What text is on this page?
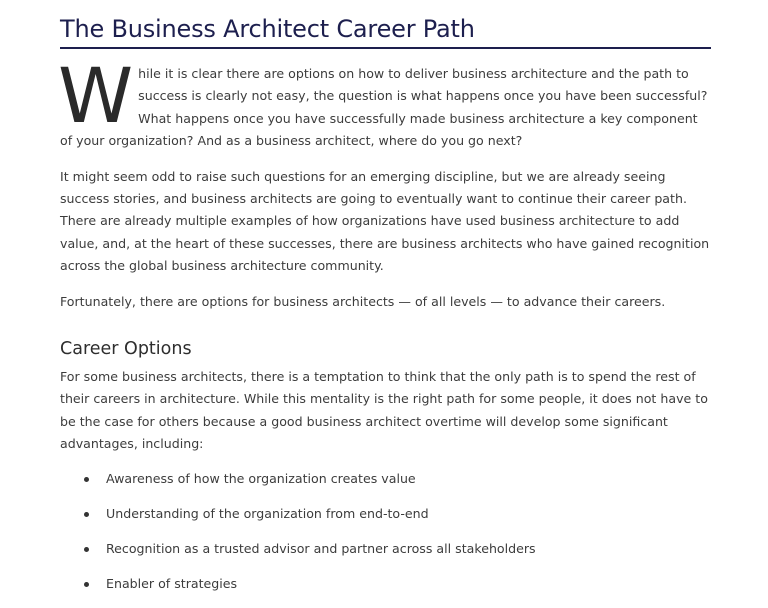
The Business Architect Career Path

While it is clear there are options on how to deliver business architecture and the path to success is clearly not easy, the question is what happens once you have been successful? What happens once you have successfully made business architecture a key component of your organization? And as a business architect, where do you go next?

It might seem odd to raise such questions for an emerging discipline, but we are already seeing success stories, and business architects are going to eventually want to continue their career path. There are already multiple examples of how organizations have used business architecture to add value, and, at the heart of these successes, there are business architects who have gained recognition across the global business architecture community.

Fortunately, there are options for business architects — of all levels — to advance their careers.

Career Options

For some business architects, there is a temptation to think that the only path is to spend the rest of their careers in architecture. While this mentality is the right path for some people, it does not have to be the case for others because a good business architect overtime will develop some significant advantages, including:

Awareness of how the organization creates value
Understanding of the organization from end-to-end
Recognition as a trusted advisor and partner across all stakeholders
Enabler of strategies
